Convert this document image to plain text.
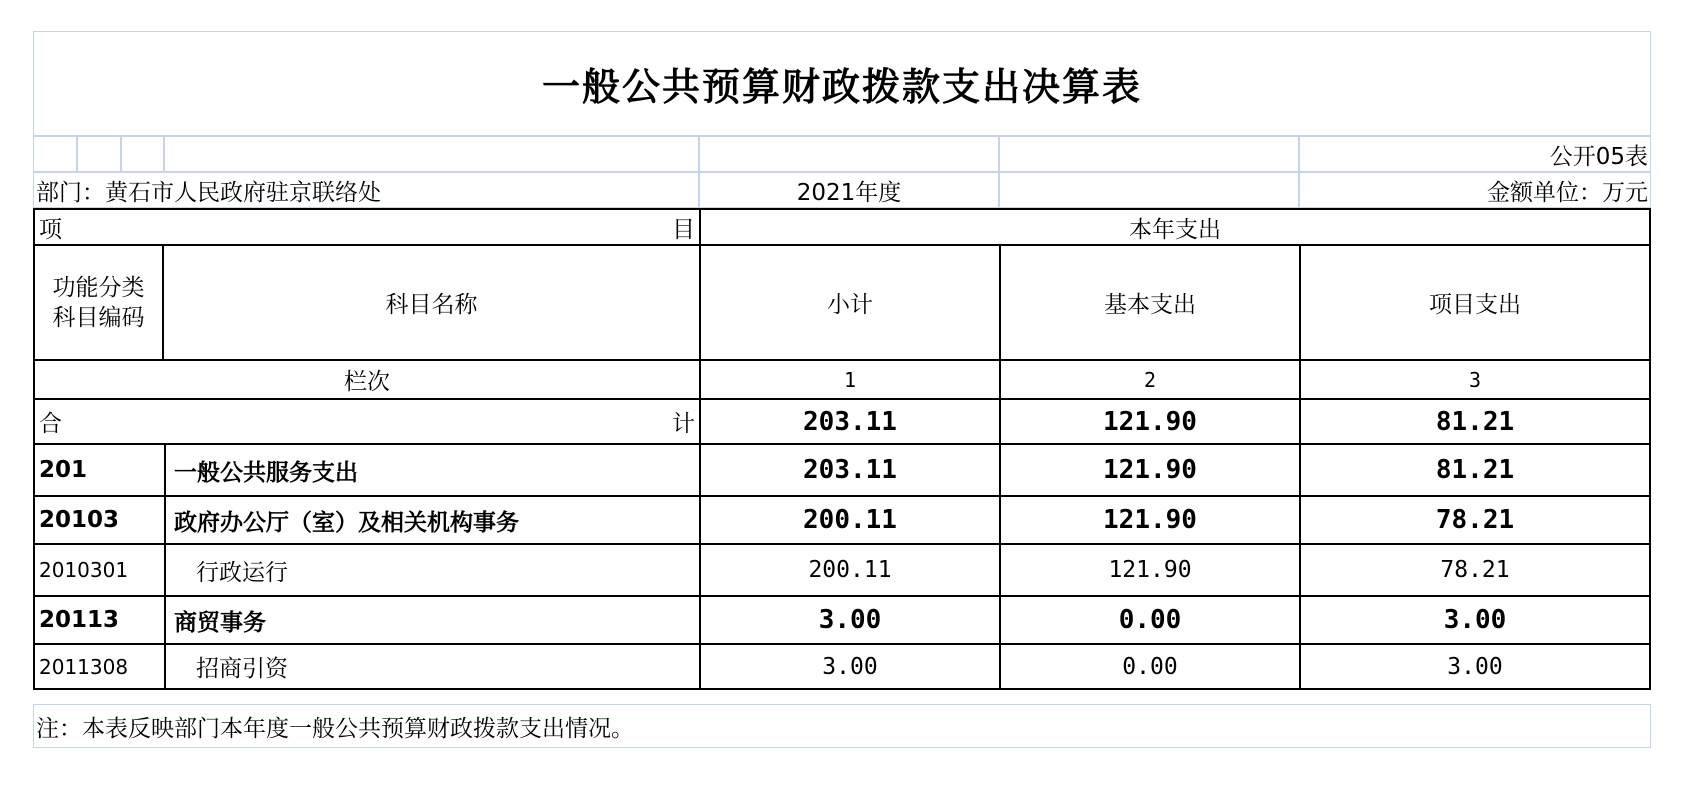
一般公共预算财政拨款支出决算表
公开05表
部门：黄石市人民政府驻京联络处	2021年度	金额单位：万元
项	目	本年支出
功能分类科目编码	科目名称	小计	基本支出	项目支出
栏次	1	2	3
合	计	203.11	121.90	81.21
201	一般公共服务支出	203.11	121.90	81.21
20103	政府办公厅（室）及相关机构事务	200.11	121.90	78.21
2010301	行政运行	200.11	121.90	78.21
20113	商贸事务	3.00	0.00	3.00
2011308	招商引资	3.00	0.00	3.00
注：本表反映部门本年度一般公共预算财政拨款支出情况。
